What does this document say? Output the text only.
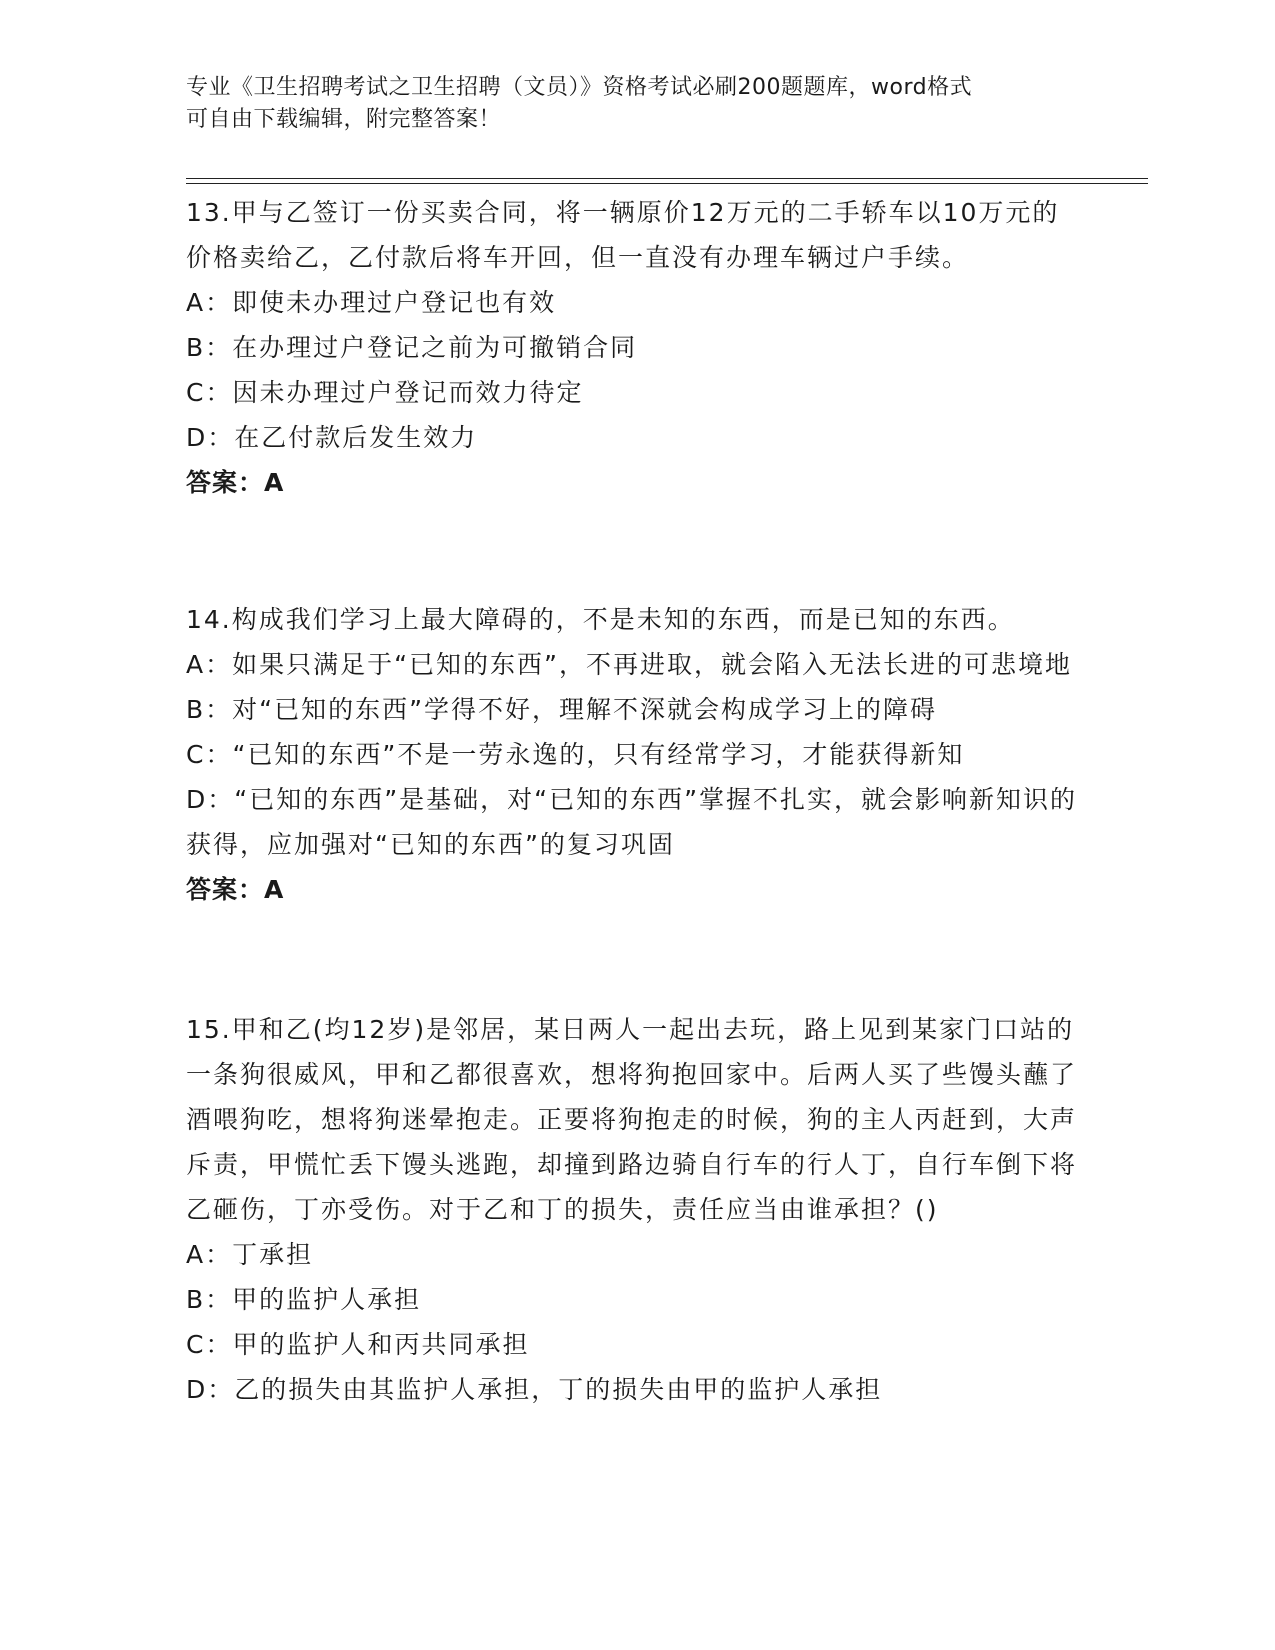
专业《卫生招聘考试之卫生招聘（文员）》资格考试必刷200题题库，word格式
可自由下载编辑，附完整答案！
13.甲与乙签订一份买卖合同，将一辆原价12万元的二手轿车以10万元的价格卖给乙，乙付款后将车开回，但一直没有办理车辆过户手续。
A：即使未办理过户登记也有效
B：在办理过户登记之前为可撤销合同
C：因未办理过户登记而效力待定
D：在乙付款后发生效力
答案：A
14.构成我们学习上最大障碍的，不是未知的东西，而是已知的东西。
A：如果只满足于“已知的东西”，不再进取，就会陷入无法长进的可悲境地
B：对“已知的东西”学得不好，理解不深就会构成学习上的障碍
C：“已知的东西”不是一劳永逸的，只有经常学习，才能获得新知
D：“已知的东西”是基础，对“已知的东西”掌握不扎实，就会影响新知识的获得，应加强对“已知的东西”的复习巩固
答案：A
15.甲和乙(均12岁)是邻居，某日两人一起出去玩，路上见到某家门口站的一条狗很威风，甲和乙都很喜欢，想将狗抱回家中。后两人买了些馒头蘸了酒喂狗吃，想将狗迷晕抱走。正要将狗抱走的时候，狗的主人丙赶到，大声斥责，甲慌忙丢下馒头逃跑，却撞到路边骑自行车的行人丁，自行车倒下将乙砸伤，丁亦受伤。对于乙和丁的损失，责任应当由谁承担？()
A：丁承担
B：甲的监护人承担
C：甲的监护人和丙共同承担
D：乙的损失由其监护人承担，丁的损失由甲的监护人承担
